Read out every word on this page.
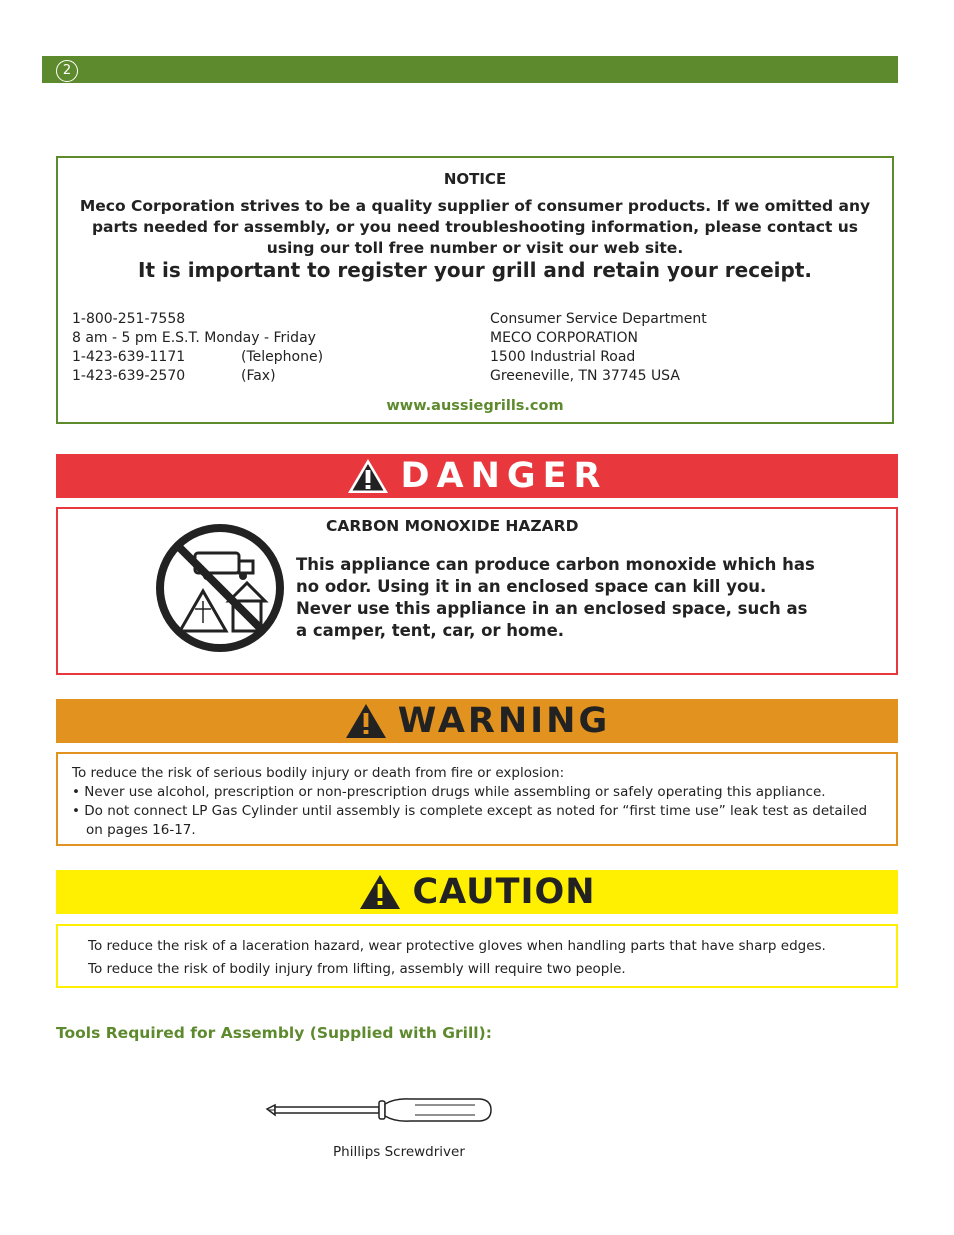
2
NOTICE
Meco Corporation strives to be a quality supplier of consumer products. If we omitted any parts needed for assembly, or you need troubleshooting information, please contact us using our toll free number or visit our web site.
It is important to register your grill and retain your receipt.
1-800-251-7558
8 am - 5 pm E.S.T. Monday - Friday
1-423-639-1171	(Telephone)
1-423-639-2570	(Fax)
Consumer Service Department
MECO CORPORATION
1500 Industrial Road
Greeneville, TN 37745 USA
www.aussiegrills.com
DANGER
CARBON MONOXIDE HAZARD
This appliance can produce carbon monoxide which has no odor. Using it in an enclosed space can kill you. Never use this appliance in an enclosed space, such as a camper, tent, car, or home.
WARNING
To reduce the risk of serious bodily injury or death from fire or explosion:
• Never use alcohol, prescription or non-prescription drugs while assembling or safely operating this appliance.
• Do not connect LP Gas Cylinder until assembly is complete except as noted for “first time use” leak test as detailed on pages 16-17.
CAUTION
To reduce the risk of a laceration hazard, wear protective gloves when handling parts that have sharp edges.
To reduce the risk of bodily injury from lifting, assembly will require two people.
Tools Required for Assembly (Supplied with Grill):
Phillips Screwdriver
